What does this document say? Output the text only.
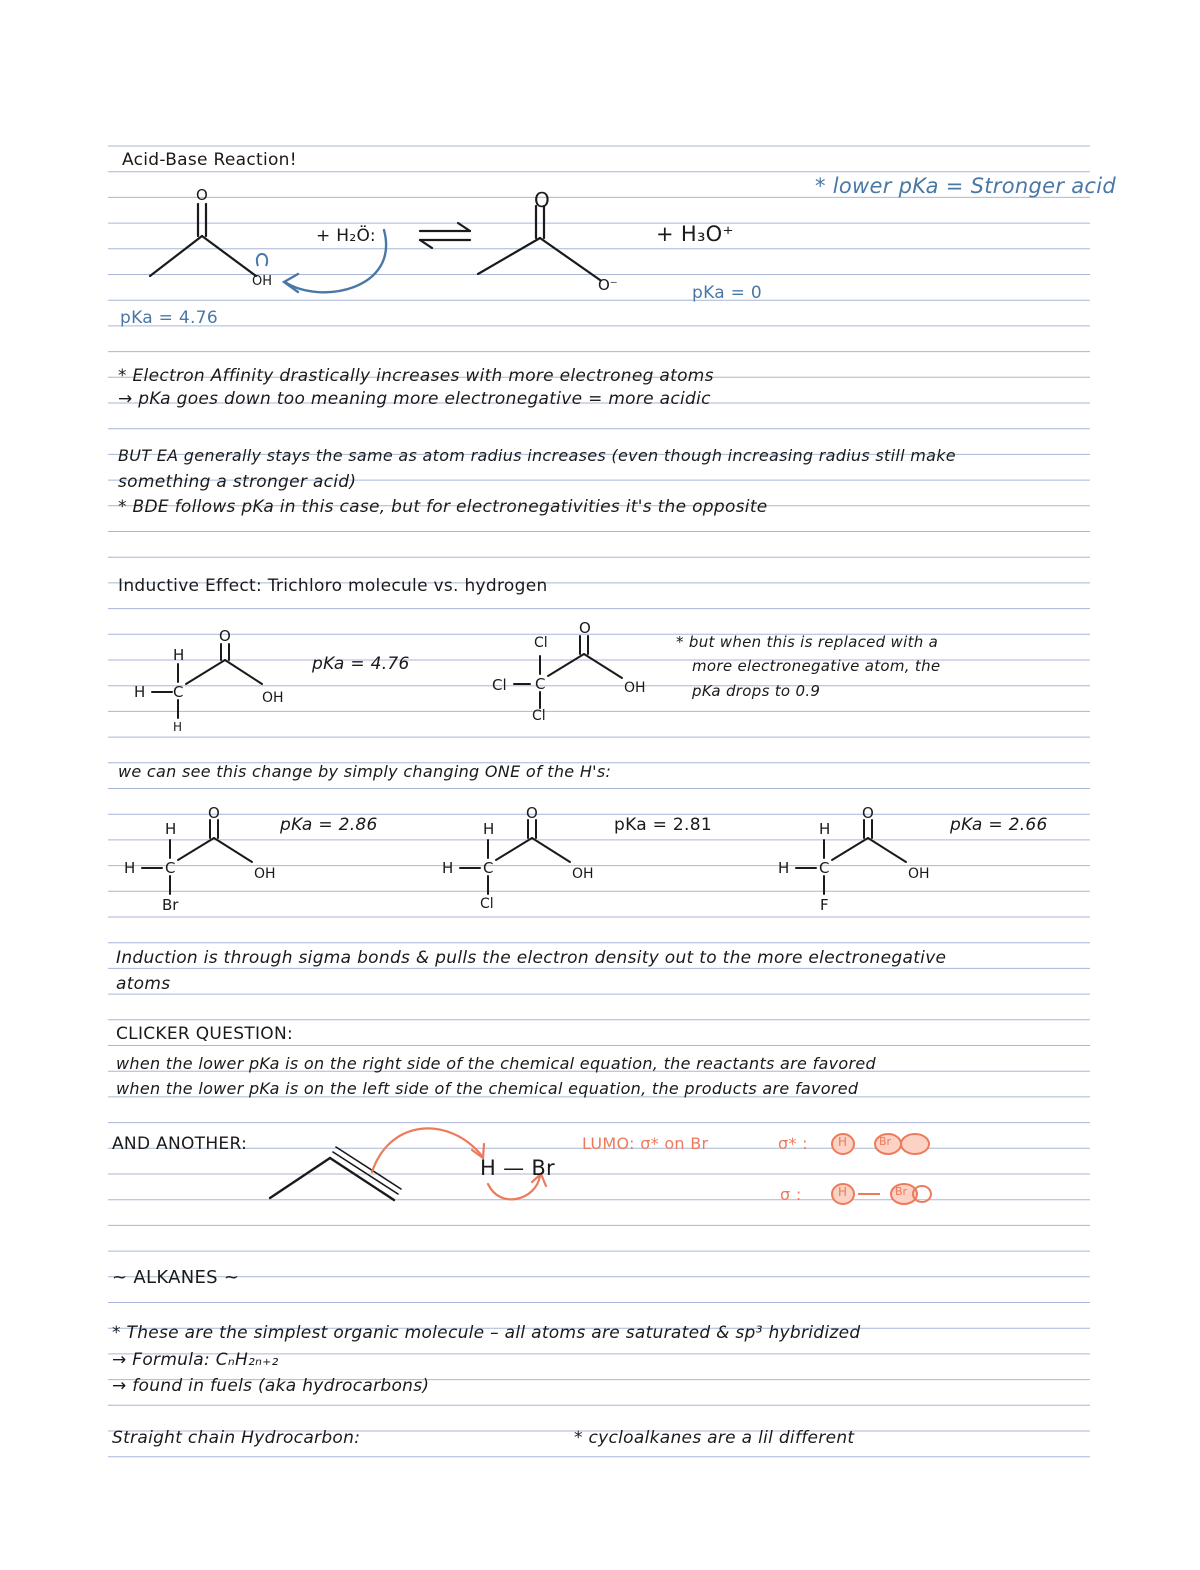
Acid-Base Reaction!
* lower pKa = Stronger acid
O
OH
+ H₂Ö:
O
O⁻
+ H₃O⁺
pKa = 4.76
pKa = 0
* Electron Affinity drastically increases with more electroneg atoms
→ pKa goes down too meaning more electronegative = more acidic
BUT EA generally stays the same as atom radius increases (even though increasing radius still make
something a stronger acid)
* BDE follows pKa in this case, but for electronegativities it's the opposite
Inductive Effect: Trichloro molecule vs. hydrogen
H
H C
H
O
OH
pKa = 4.76
Cl
Cl C
Cl
O
OH
* but when this is replaced with a
more electronegative atom, the
pKa drops to 0.9
we can see this change by simply changing ONE of the H's:
H
H C
Br
O
OH
pKa = 2.86	H
H C
Cl
O
OH
pKa = 2.81	H
H C
F
O
OH
pKa = 2.66
Induction is through sigma bonds & pulls the electron density out to the more electronegative
atoms
CLICKER QUESTION:
when the lower pKa is on the right side of the chemical equation, the reactants are favored
when the lower pKa is on the left side of the chemical equation, the products are favored
AND ANOTHER:
H — Br
LUMO: σ* on Br	σ* :	H	Br
σ :	H	Br
~ ALKANES ~
* These are the simplest organic molecule – all atoms are saturated & sp³ hybridized
→ Formula: CₙH₂ₙ₊₂
→ found in fuels (aka hydrocarbons)
Straight chain Hydrocarbon:	* cycloalkanes are a lil different
